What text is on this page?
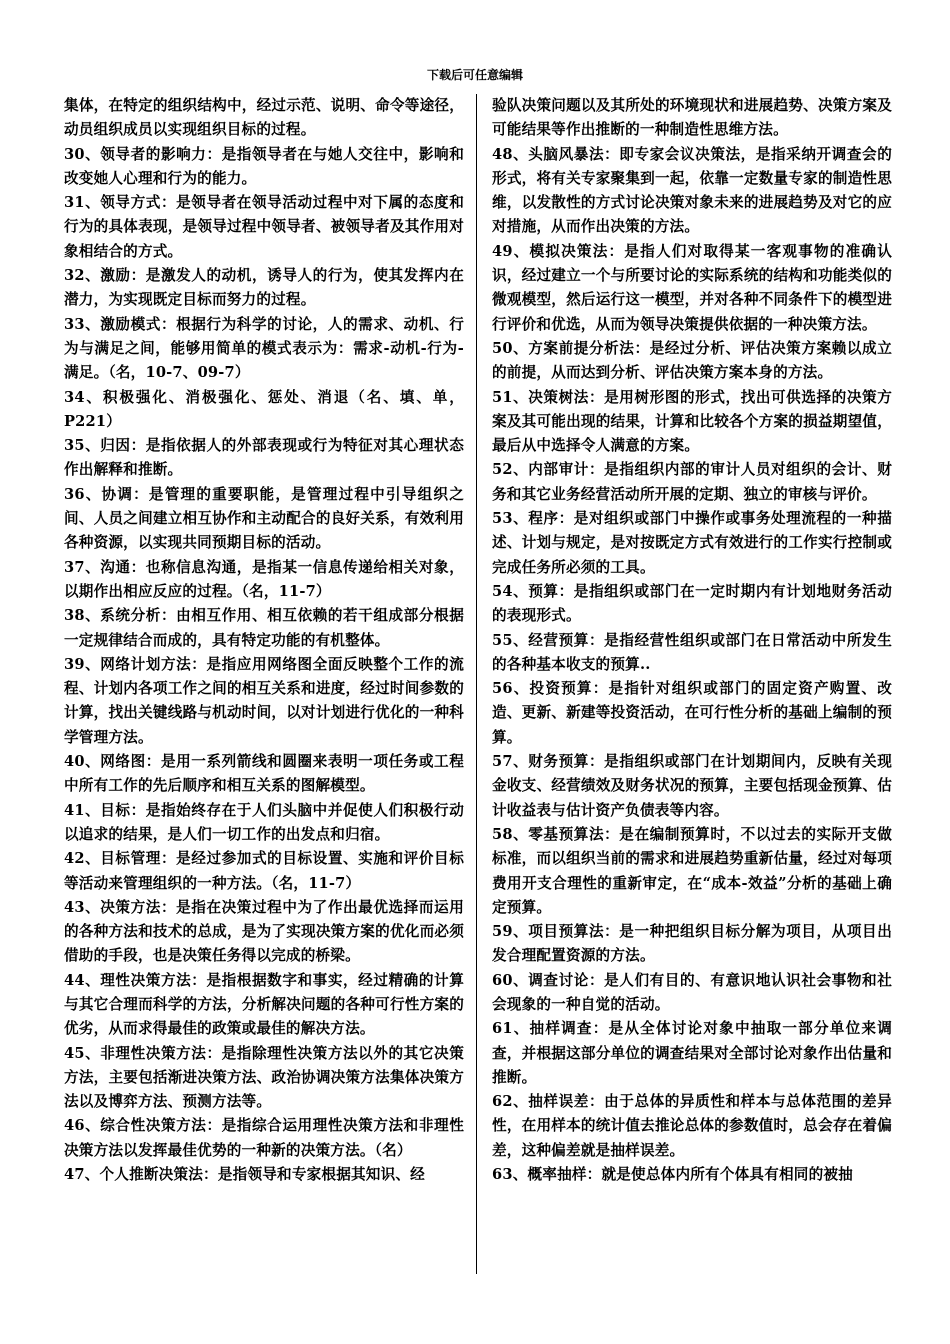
下载后可任意编辑

集体，在特定的组织结构中，经过示范、说明、命令等途径，动员组织成员以实现组织目标的过程。

30、领导者的影响力：是指领导者在与她人交往中，影响和改变她人心理和行为的能力。

31、领导方式：是领导者在领导活动过程中对下属的态度和行为的具体表现，是领导过程中领导者、被领导者及其作用对象相结合的方式。

32、激励：是激发人的动机，诱导人的行为，使其发挥内在潜力，为实现既定目标而努力的过程。

33、激励模式：根据行为科学的讨论，人的需求、动机、行为与满足之间，能够用简单的模式表示为：需求-动机-行为-满足。（名，10-7、09-7）

34、积极强化、消极强化、惩处、消退（名、填、单，P221）

35、归因：是指依据人的外部表现或行为特征对其心理状态作出解释和推断。

36、协调：是管理的重要职能，是管理过程中引导组织之间、人员之间建立相互协作和主动配合的良好关系，有效利用各种资源，以实现共同预期目标的活动。

37、沟通：也称信息沟通，是指某一信息传递给相关对象，以期作出相应反应的过程。（名，11-7）

38、系统分析：由相互作用、相互依赖的若干组成部分根据一定规律结合而成的，具有特定功能的有机整体。

39、网络计划方法：是指应用网络图全面反映整个工作的流程、计划内各项工作之间的相互关系和进度，经过时间参数的计算，找出关键线路与机动时间，以对计划进行优化的一种科学管理方法。

40、网络图：是用一系列箭线和圆圈来表明一项任务或工程中所有工作的先后顺序和相互关系的图解模型。

41、目标：是指始终存在于人们头脑中并促使人们积极行动以追求的结果，是人们一切工作的出发点和归宿。

42、目标管理：是经过参加式的目标设置、实施和评价目标等活动来管理组织的一种方法。（名，11-7）

43、决策方法：是指在决策过程中为了作出最优选择而运用的各种方法和技术的总成，是为了实现决策方案的优化而必须借助的手段，也是决策任务得以完成的桥梁。

44、理性决策方法：是指根据数字和事实，经过精确的计算与其它合理而科学的方法，分析解决问题的各种可行性方案的优劣，从而求得最佳的政策或最佳的解决方法。

45、非理性决策方法：是指除理性决策方法以外的其它决策方法，主要包括渐进决策方法、政治协调决策方法集体决策方法以及博弈方法、预测方法等。

46、综合性决策方法：是指综合运用理性决策方法和非理性决策方法以发挥最佳优势的一种新的决策方法。（名）

47、个人推断决策法：是指领导和专家根据其知识、经

验队决策问题以及其所处的环境现状和进展趋势、决策方案及可能结果等作出推断的一种制造性思维方法。

48、头脑风暴法：即专家会议决策法，是指采纳开调查会的形式，将有关专家聚集到一起，依靠一定数量专家的制造性思维，以发散性的方式讨论决策对象未来的进展趋势及对它的应对措施，从而作出决策的方法。

49、模拟决策法：是指人们对取得某一客观事物的准确认识，经过建立一个与所要讨论的实际系统的结构和功能类似的微观模型，然后运行这一模型，并对各种不同条件下的模型进行评价和优选，从而为领导决策提供依据的一种决策方法。

50、方案前提分析法：是经过分析、评估决策方案赖以成立的前提，从而达到分析、评估决策方案本身的方法。

51、决策树法：是用树形图的形式，找出可供选择的决策方案及其可能出现的结果，计算和比较各个方案的损益期望值，最后从中选择令人满意的方案。

52、内部审计：是指组织内部的审计人员对组织的会计、财务和其它业务经营活动所开展的定期、独立的审核与评价。

53、程序：是对组织或部门中操作或事务处理流程的一种描述、计划与规定，是对按既定方式有效进行的工作实行控制或完成任务所必须的工具。

54、预算：是指组织或部门在一定时期内有计划地财务活动的表现形式。

55、经营预算：是指经营性组织或部门在日常活动中所发生的各种基本收支的预算..

56、投资预算：是指针对组织或部门的固定资产购置、改造、更新、新建等投资活动，在可行性分析的基础上编制的预算。

57、财务预算：是指组织或部门在计划期间内，反映有关现金收支、经营绩效及财务状况的预算，主要包括现金预算、估计收益表与估计资产负债表等内容。

58、零基预算法：是在编制预算时，不以过去的实际开支做标准，而以组织当前的需求和进展趋势重新估量，经过对每项费用开支合理性的重新审定，在“成本-效益”分析的基础上确定预算。

59、项目预算法：是一种把组织目标分解为项目，从项目出发合理配置资源的方法。

60、调查讨论：是人们有目的、有意识地认识社会事物和社会现象的一种自觉的活动。

61、抽样调查：是从全体讨论对象中抽取一部分单位来调查，并根据这部分单位的调查结果对全部讨论对象作出估量和推断。

62、抽样误差：由于总体的异质性和样本与总体范围的差异性，在用样本的统计值去推论总体的参数值时，总会存在着偏差，这种偏差就是抽样误差。

63、概率抽样：就是使总体内所有个体具有相同的被抽
